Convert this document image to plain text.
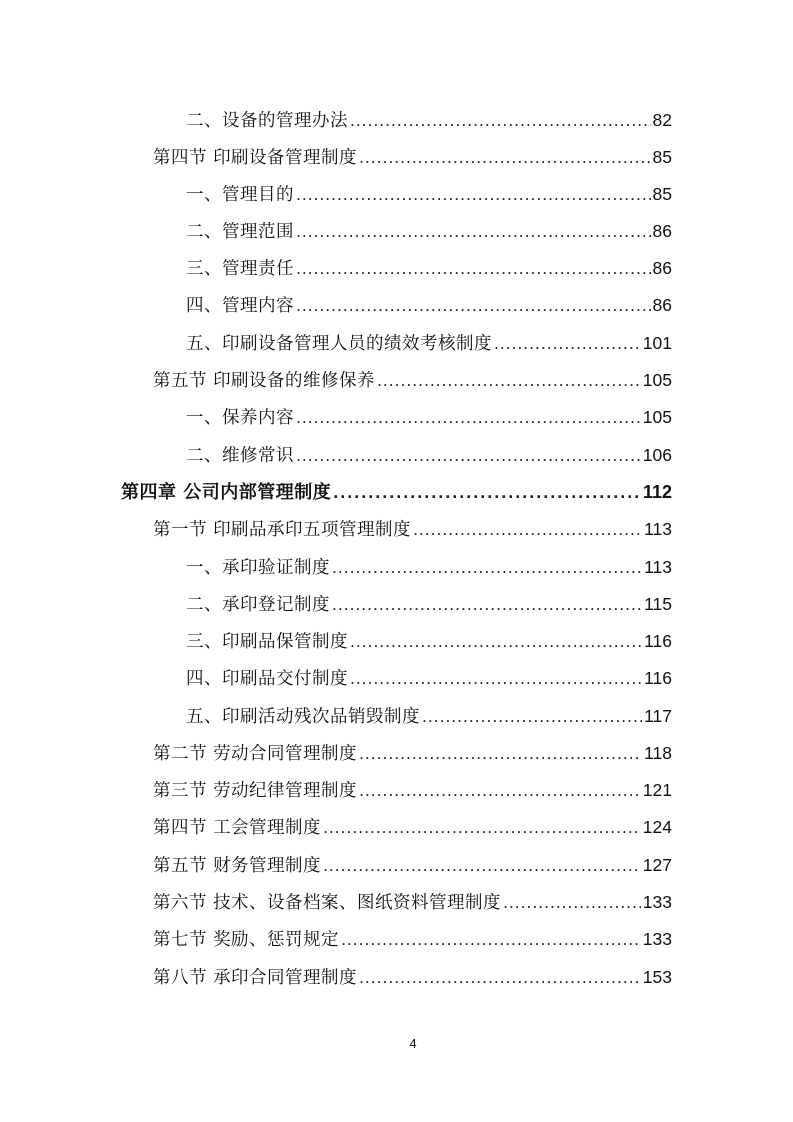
二、设备的管理办法 .....	82
第四节 印刷设备管理制度 .....	85
一、管理目的 .....	85
二、管理范围 .....	86
三、管理责任 .....	86
四、管理内容 .....	86
五、印刷设备管理人员的绩效考核制度 .....	101
第五节 印刷设备的维修保养 .....	105
一、保养内容 .....	105
二、维修常识 .....	106
第四章 公司内部管理制度 .....	112
第一节 印刷品承印五项管理制度 .....	113
一、承印验证制度 .....	113
二、承印登记制度 .....	115
三、印刷品保管制度 .....	116
四、印刷品交付制度 .....	116
五、印刷活动残次品销毁制度 .....	117
第二节 劳动合同管理制度 .....	118
第三节 劳动纪律管理制度 .....	121
第四节 工会管理制度 .....	124
第五节 财务管理制度 .....	127
第六节 技术、设备档案、图纸资料管理制度 .....	133
第七节 奖励、惩罚规定 .....	133
第八节 承印合同管理制度 .....	153
4
